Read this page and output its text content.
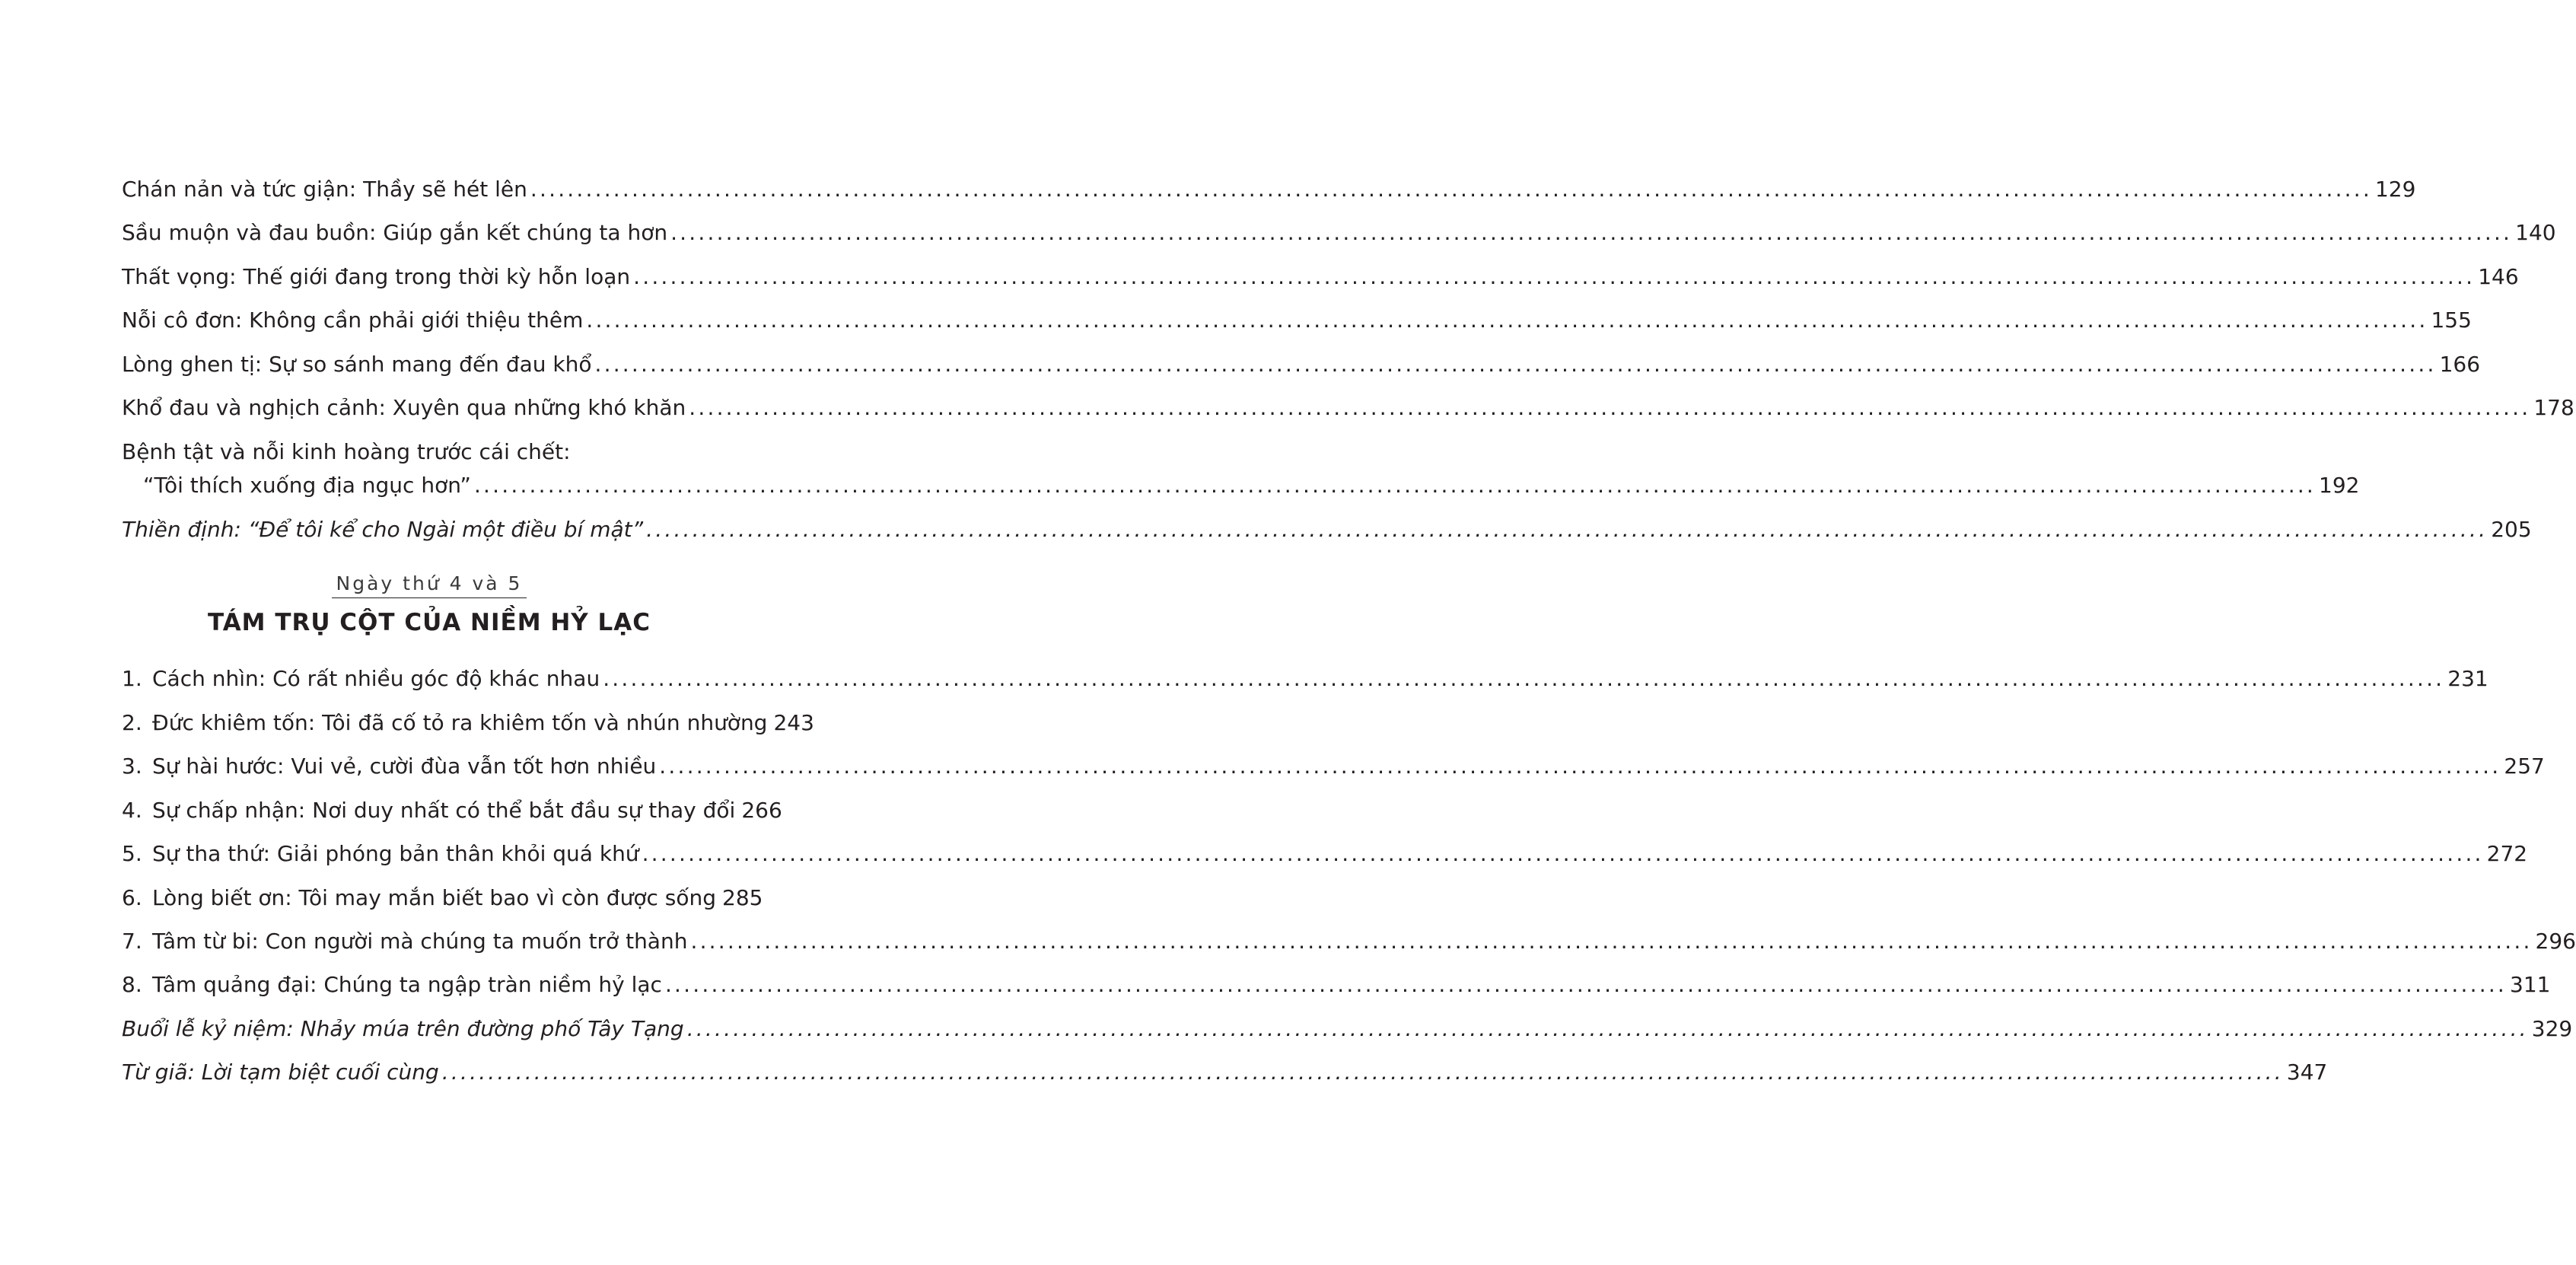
Chán nản và tức giận: Thầy sẽ hét lên ........................................................................................................................................................................................................ 129
Sầu muộn và đau buồn: Giúp gắn kết chúng ta hơn ........................................................................................................................................................................................................ 140
Thất vọng: Thế giới đang trong thời kỳ hỗn loạn ........................................................................................................................................................................................................ 146
Nỗi cô đơn: Không cần phải giới thiệu thêm ........................................................................................................................................................................................................ 155
Lòng ghen tị: Sự so sánh mang đến đau khổ ........................................................................................................................................................................................................ 166
Khổ đau và nghịch cảnh: Xuyên qua những khó khăn ........................................................................................................................................................................................................ 178
Bệnh tật và nỗi kinh hoàng trước cái chết:
“Tôi thích xuống địa ngục hơn” ........................................................................................................................................................................................................ 192
Thiền định: “Để tôi kể cho Ngài một điều bí mật” ........................................................................................................................................................................................................ 205
Ngày thứ 4 và 5
TÁM TRỤ CỘT CỦA NIỀM HỶ LẠC
1. Cách nhìn: Có rất nhiều góc độ khác nhau ........................................................................................................................................................................................................ 231
2. Đức khiêm tốn: Tôi đã cố tỏ ra khiêm tốn và nhún nhường 243
3. Sự hài hước: Vui vẻ, cười đùa vẫn tốt hơn nhiều ........................................................................................................................................................................................................ 257
4. Sự chấp nhận: Nơi duy nhất có thể bắt đầu sự thay đổi 266
5. Sự tha thứ: Giải phóng bản thân khỏi quá khứ ........................................................................................................................................................................................................ 272
6. Lòng biết ơn: Tôi may mắn biết bao vì còn được sống 285
7. Tâm từ bi: Con người mà chúng ta muốn trở thành ........................................................................................................................................................................................................ 296
8. Tâm quảng đại: Chúng ta ngập tràn niềm hỷ lạc ........................................................................................................................................................................................................ 311
Buổi lễ kỷ niệm: Nhảy múa trên đường phố Tây Tạng ........................................................................................................................................................................................................ 329
Từ giã: Lời tạm biệt cuối cùng ........................................................................................................................................................................................................ 347
